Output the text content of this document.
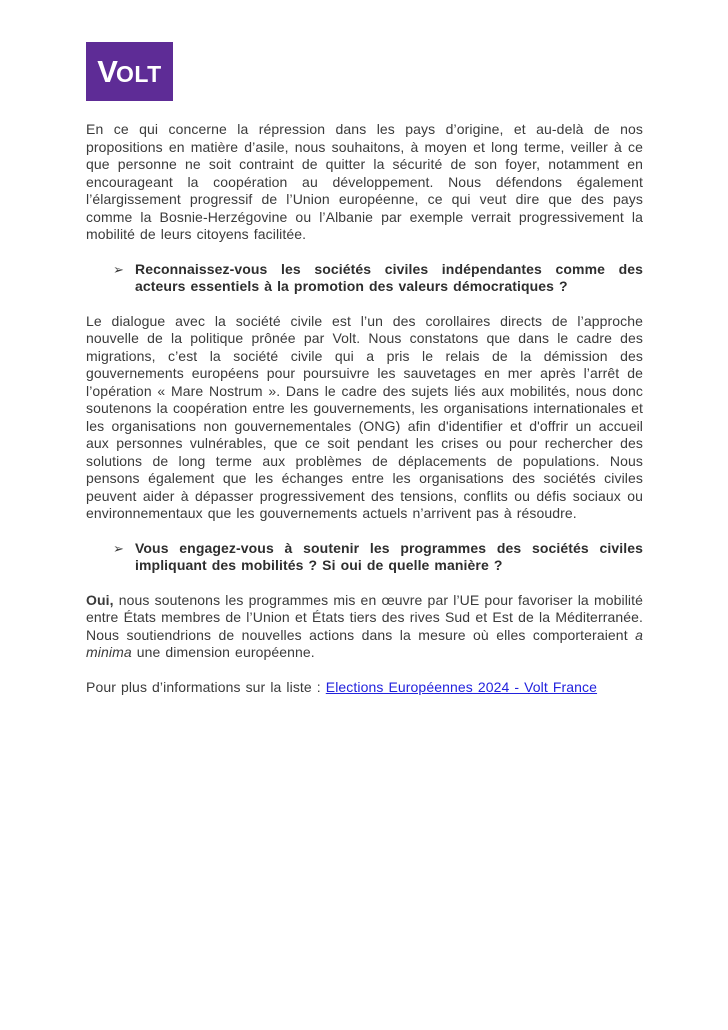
VOLT

En ce qui concerne la répression dans les pays d’origine, et au-delà de nos propositions en matière d’asile, nous souhaitons, à moyen et long terme, veiller à ce que personne ne soit contraint de quitter la sécurité de son foyer, notamment en encourageant la coopération au développement. Nous défendons également l’élargissement progressif de l’Union européenne, ce qui veut dire que des pays comme la Bosnie-Herzégovine ou l’Albanie par exemple verrait progressivement la mobilité de leurs citoyens facilitée.

➢ Reconnaissez-vous les sociétés civiles indépendantes comme des acteurs essentiels à la promotion des valeurs démocratiques ?

Le dialogue avec la société civile est l’un des corollaires directs de l’approche nouvelle de la politique prônée par Volt. Nous constatons que dans le cadre des migrations, c’est la société civile qui a pris le relais de la démission des gouvernements européens pour poursuivre les sauvetages en mer après l’arrêt de l’opération « Mare Nostrum ». Dans le cadre des sujets liés aux mobilités, nous donc soutenons la coopération entre les gouvernements, les organisations internationales et les organisations non gouvernementales (ONG) afin d'identifier et d'offrir un accueil aux personnes vulnérables, que ce soit pendant les crises ou pour rechercher des solutions de long terme aux problèmes de déplacements de populations. Nous pensons également que les échanges entre les organisations des sociétés civiles peuvent aider à dépasser progressivement des tensions, conflits ou défis sociaux ou environnementaux que les gouvernements actuels n’arrivent pas à résoudre.

➢ Vous engagez-vous à soutenir les programmes des sociétés civiles impliquant des mobilités ? Si oui de quelle manière ?

Oui, nous soutenons les programmes mis en œuvre par l’UE pour favoriser la mobilité entre États membres de l’Union et États tiers des rives Sud et Est de la Méditerranée. Nous soutiendrions de nouvelles actions dans la mesure où elles comporteraient a minima une dimension européenne.

Pour plus d’informations sur la liste : Elections Européennes 2024 - Volt France
